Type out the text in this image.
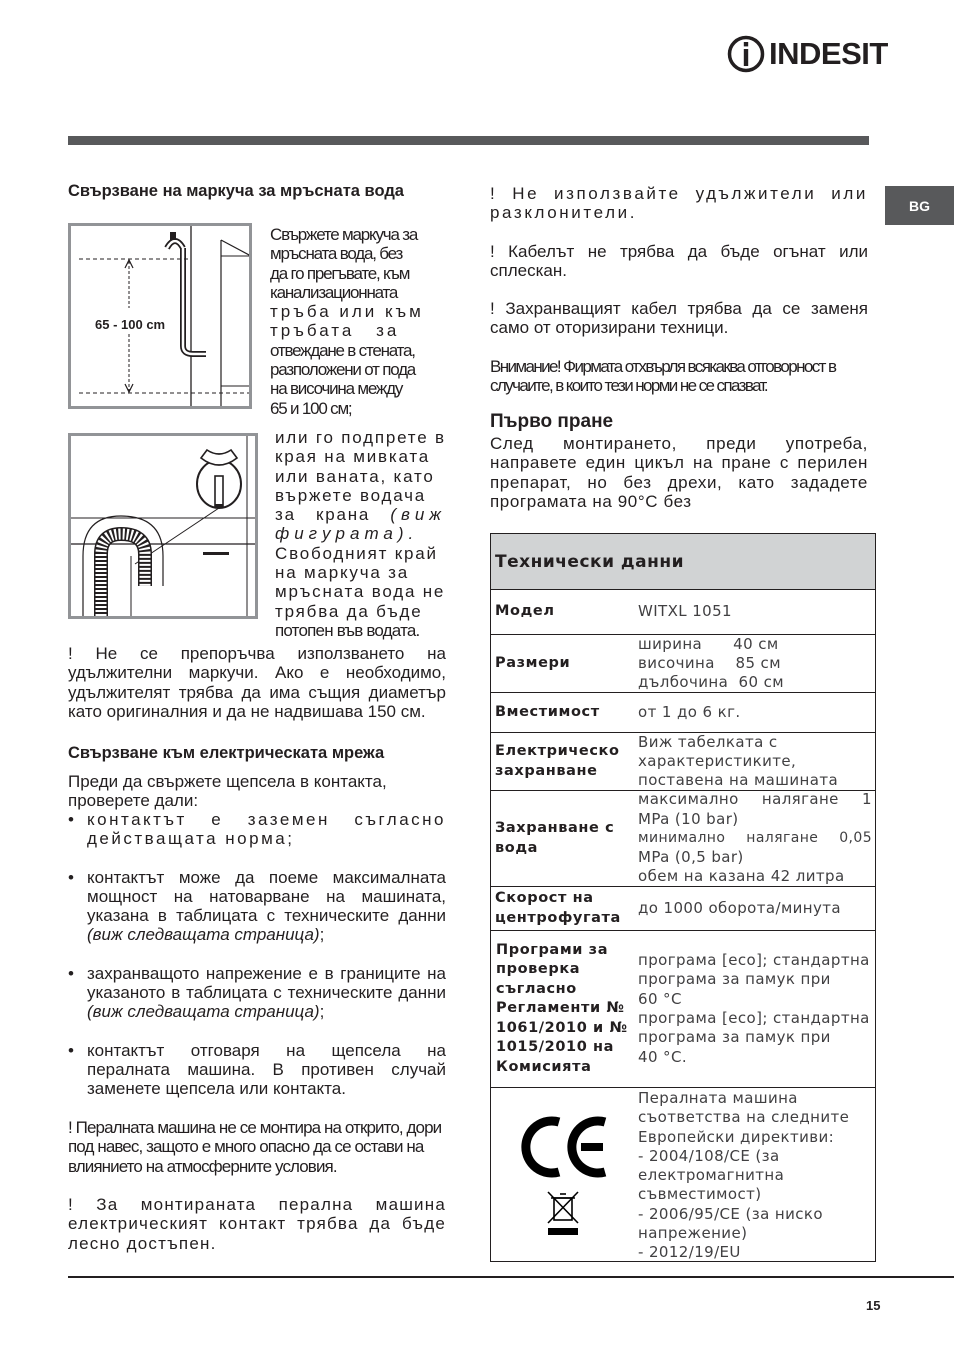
INDESIT
BG
Свързване на маркуча за мръсната вода
65 - 100 cm
Свържете маркуча за
мръсната вода, без
да го прегъвате, към
канализационната
тръба или към
тръбата за
отвеждане в стената,
разположени от пода
на височина между
65 и 100 см;
или го подпрете в
края на мивката
или ваната, като
вържете водача
за крана (виж фигурата).
Свободният край
на маркуча за
мръсната вода не
трябва да бъде
потопен във водата.
! Не се препоръчва използването на удължителни маркучи. Ако е необходимо, удължителят трябва да има същия диаметър като оригиналния и да не надвишава 150 см.
Свързване към електрическата мрежа
Преди да свържете щепсела в контакта, проверете дали:
• контактът е заземен съгласно действащата норма;
• контактът може да поеме максималната мощност на натоварване на машината, указана в таблицата с техническите данни (виж следващата страница);
• захранващото напрежение е в границите на указаното в таблицата с техническите данни (виж следващата страница);
• контактът отговаря на щепсела на пералната машина. В противен случай заменете щепсела или контакта.
! Пералната машина не се монтира на открито, дори под навес, защото е много опасно да се остави на влиянието на атмосферните условия.
! За монтираната перална машина електрическият контакт трябва да бъде лесно достъпен.
! Не използвайте удължители или разклонители.
! Кабелът не трябва да бъде огънат или сплескан.
! Захранващият кабел трябва да се заменя само от оторизирани техници.
Внимание! Фирмата отхвърля всякаква отговорност в случаите, в които тези норми не се спазват.
Първо пране
След монтирането, преди употреба, направете един цикъл на пране с перилен препарат, но без дрехи, като зададете програмата на 90°C без
Технически данни
Модел	WITXL 1051
Размери
ширина      40 см
височина    85 см
дълбочина  60 см
Вместимост	от 1 до 6 кг.
Електрическо захранване
Виж табелката с
характеристиките,
поставена на машината
Захранване с вода
максимално налягане 1
MPa (10 bar)
минимално налягане 0,05
MPa (0,5 bar)
обем на казана 42 литра
Скорост на центрофугата
до 1000 оборота/минута
Програми за проверка съгласно Регламенти № 1061/2010 и № 1015/2010 на Комисията
програма [eco]; стандартна
програма за памук при
60 °C
програма [eco]; стандартна
програма за памук при
40 °C.
Пералната машина
съответства на следните
Европейски директиви:
- 2004/108/CE (за
електромагнитна
съвместимост)
- 2006/95/CE (за ниско
напрежение)
- 2012/19/EU
15
